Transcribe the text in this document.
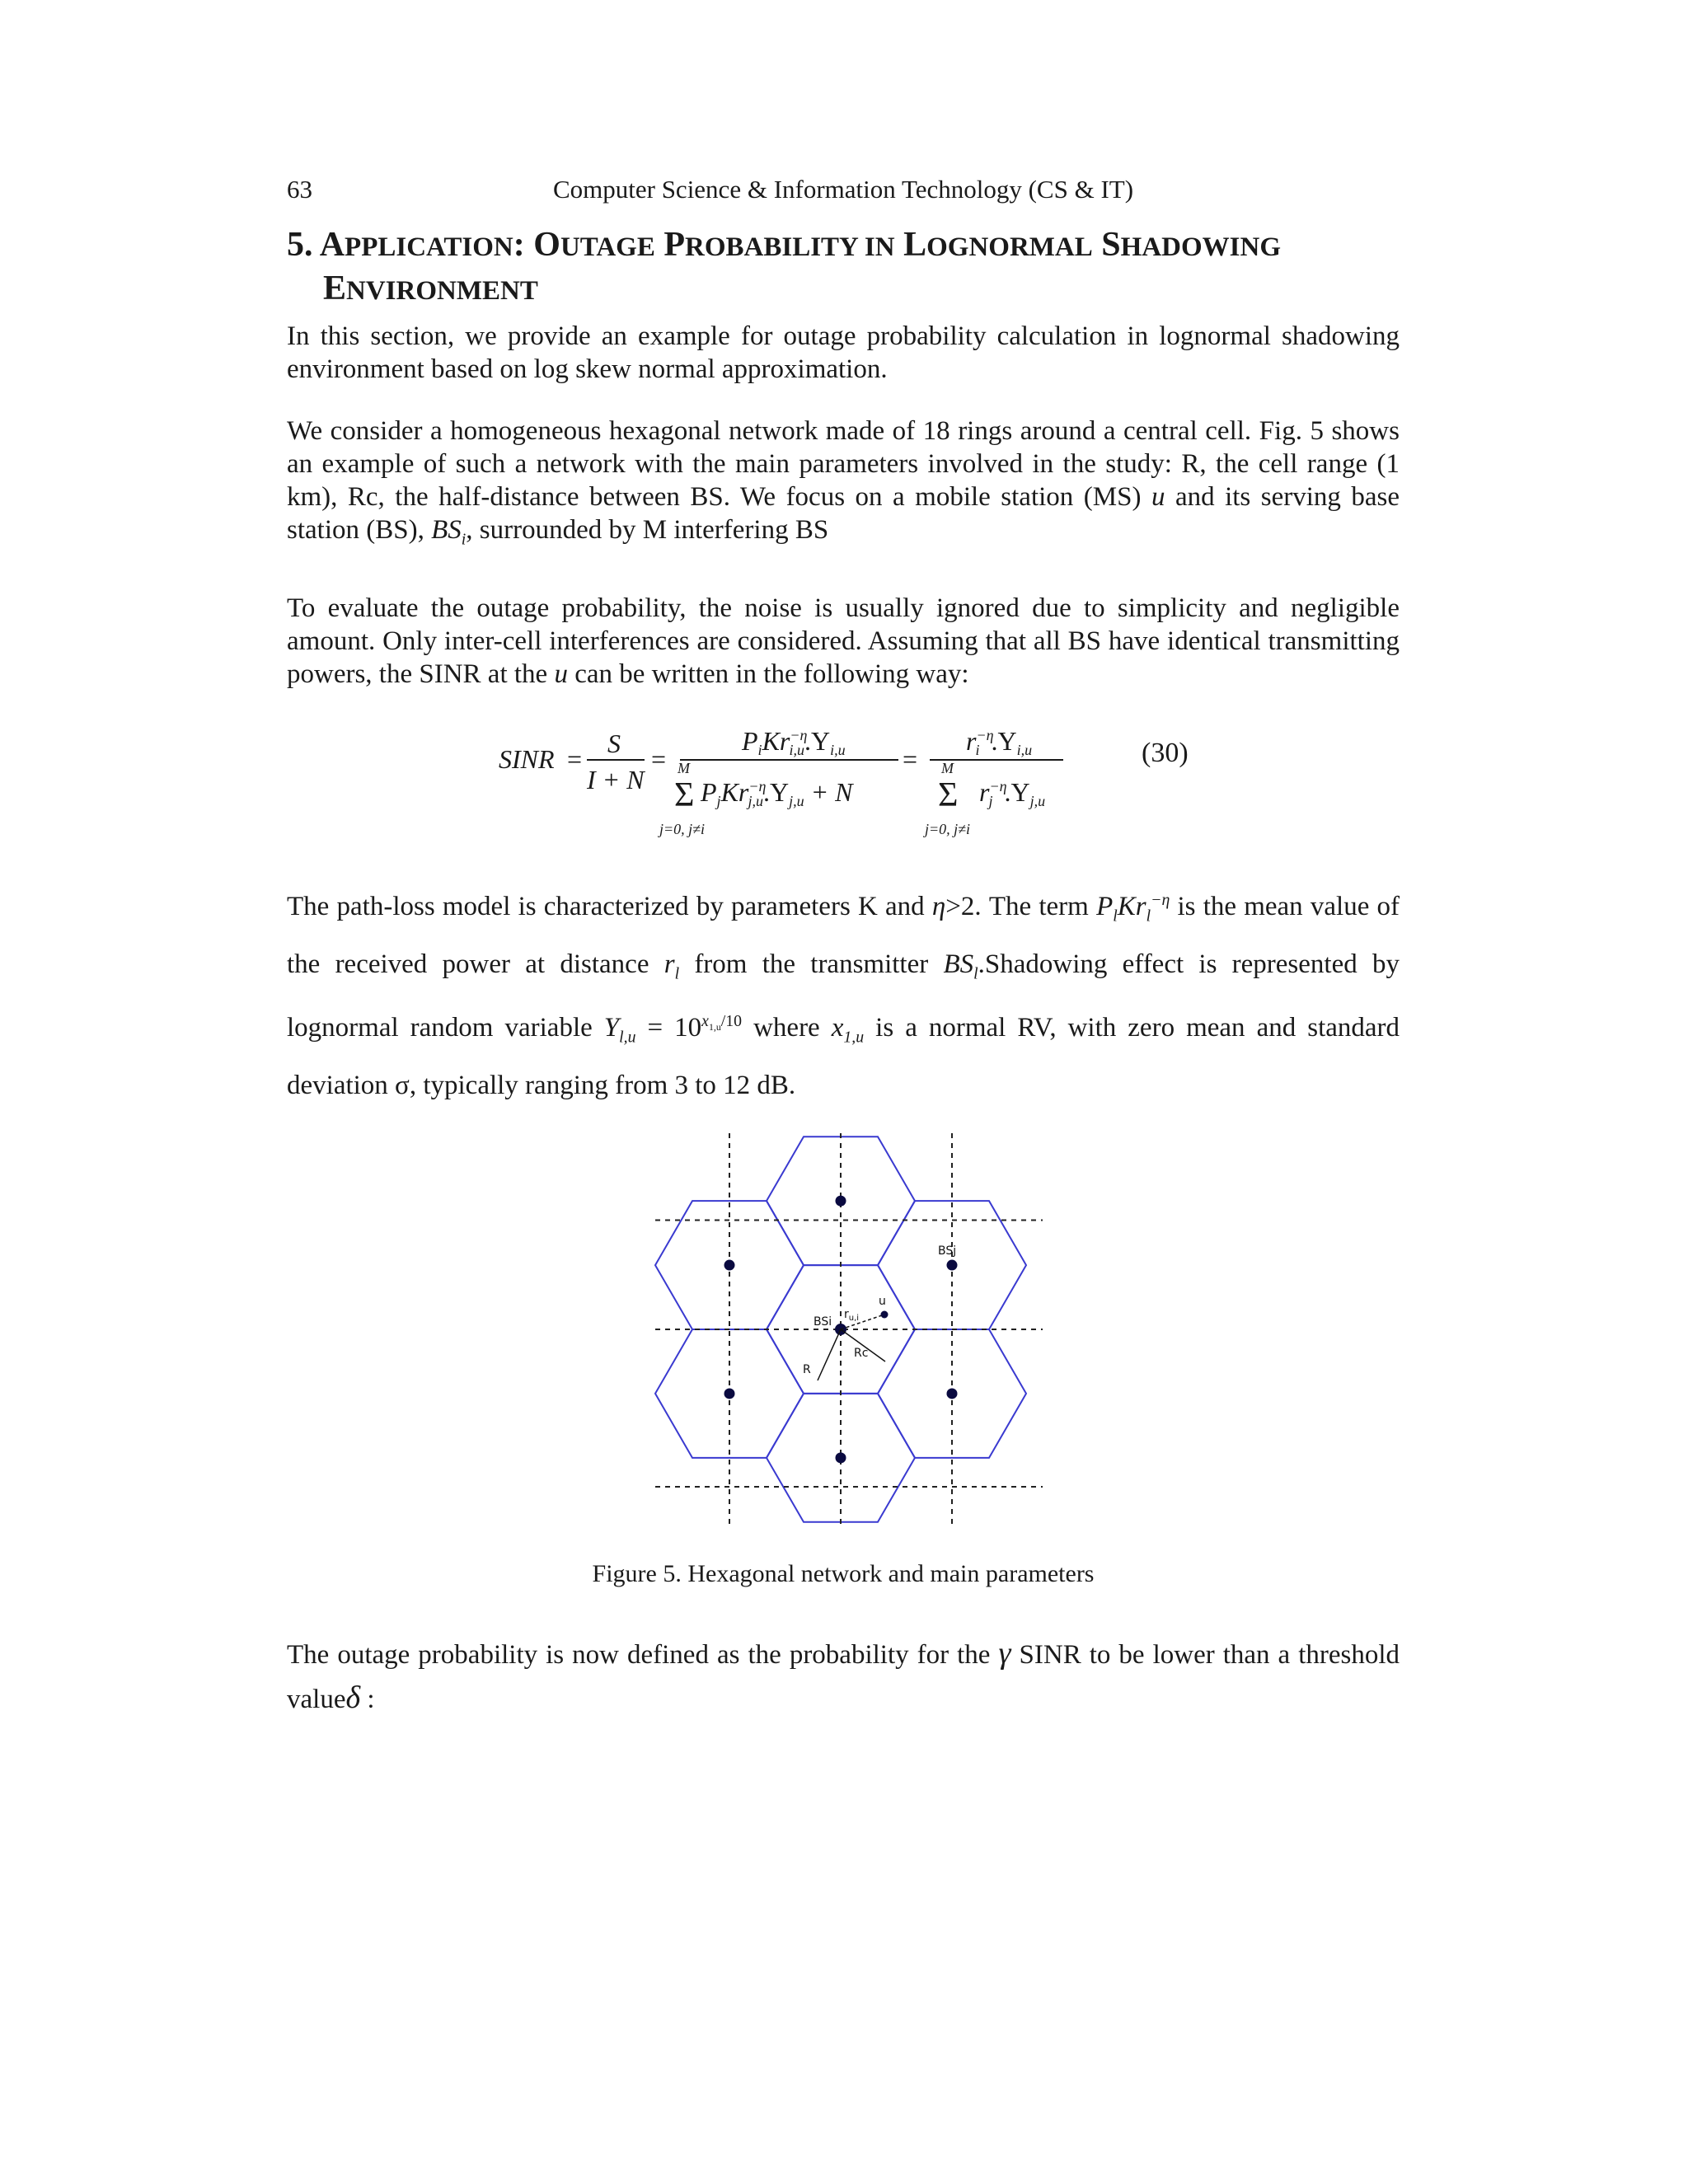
63	Computer Science & Information Technology (CS & IT)
5. APPLICATION: OUTAGE PROBABILITY IN LOGNORMAL SHADOWING
ENVIRONMENT

In this section, we provide an example for outage probability calculation in lognormal shadowing environment based on log skew normal approximation.

We consider a homogeneous hexagonal network made of 18 rings around a central cell. Fig. 5 shows an example of such a network with the main parameters involved in the study: R, the cell range (1 km), Rc, the half-distance between BS. We focus on a mobile station (MS) u and its serving base station (BS), $BS_i$, surrounded by M interfering BS

To evaluate the outage probability, the noise is usually ignored due to simplicity and negligible amount. Only inter-cell interferences are considered. Assuming that all BS have identical transmitting powers, the SINR at the u can be written in the following way:

SINR =
S
I + N
=
PiKr$^{-\eta}$ i,u.Yi,u
M
Σ
j=0, j≠i
PjKr$^{-\eta}$ j,u.Yj,u + N
=
$r^{-\eta}$ i .Yi,u
M
Σ
j=0, j≠i
$r^{-\eta}$ j .Yj,u
(30)

The path-loss model is characterized by parameters K and η>2. The term $P_lKr_l^{-\eta}$ is the mean value of the received power at distance $r_l$ from the transmitter $BS_l.Shadowing$ effect is represented by lognormal random variable $Y_{l,u} = 10^{x_{1,u}/10}$ where $x_{1,u}$ is a normal RV, with zero mean and standard deviation σ, typically ranging from 3 to 12 dB.

BSj
BSi
u
$r_{u,i}$
R
Rc
Figure 5. Hexagonal network and main parameters

The outage probability is now defined as the probability for the γ SINR to be lower than a threshold valueδ :
